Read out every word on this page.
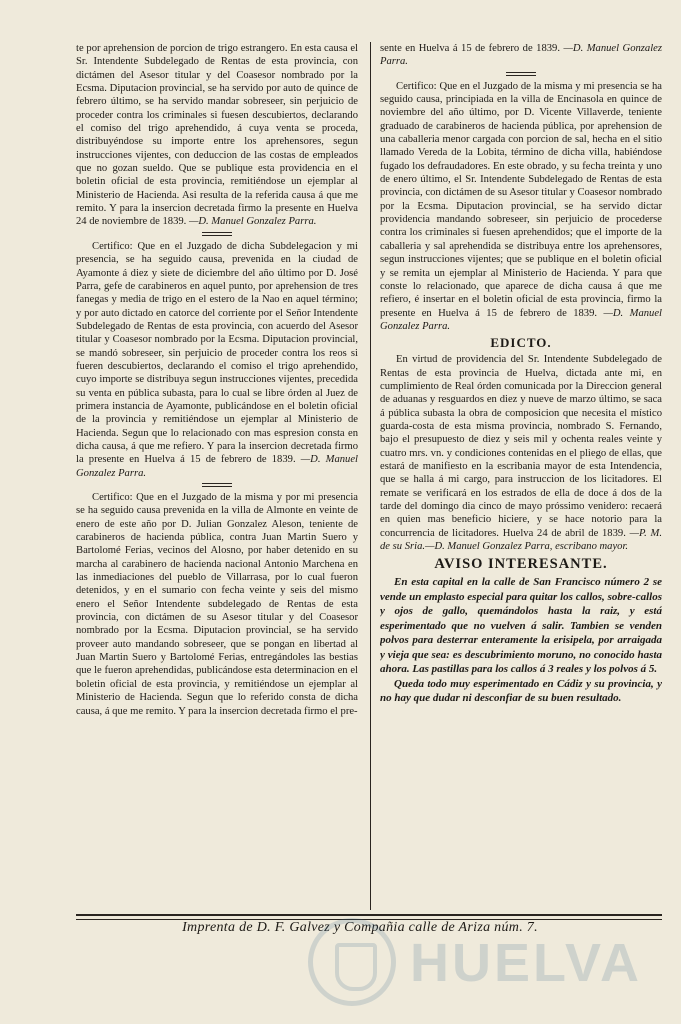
te por aprehension de porcion de trigo estrangero. En esta causa el Sr. Intendente Subdelegado de Rentas de esta provincia, con dictámen del Asesor titular y del Coasesor nombrado por la Ecsma. Diputacion provincial, se ha servido por auto de quince de febrero último, se ha servido mandar sobreseer, sin perjuicio de proceder contra los criminales si fuesen descubiertos, declarando el comiso del trigo aprehendido, á cuya venta se proceda, distribuyéndose su importe entre los aprehensores, segun instrucciones vijentes, con deduccion de las costas de empleados que no gozan sueldo. Que se publique esta providencia en el boletin oficial de esta provincia, remitiéndose un ejemplar al Ministerio de Hacienda. Asi resulta de la referida causa á que me remito. Y para la insercion decretada firmo la presente en Huelva 24 de noviembre de 1839. —D. Manuel Gonzalez Parra.

Certifico: Que en el Juzgado de dicha Subdelegacion y mi presencia, se ha seguido causa, prevenida en la ciudad de Ayamonte á diez y siete de diciembre del año último por D. José Parra, gefe de carabineros en aquel punto, por aprehension de tres fanegas y media de trigo en el estero de la Nao en aquel término; y por auto dictado en catorce del corriente por el Señor Intendente Subdelegado de Rentas de esta provincia, con acuerdo del Asesor titular y Coasesor nombrado por la Ecsma. Diputacion provincial, se mandó sobreseer, sin perjuicio de proceder contra los reos si fueren descubiertos, declarando el comiso el trigo aprehendido, cuyo importe se distribuya segun instrucciones vijentes, precedida su venta en pública subasta, para lo cual se libre órden al Juez de primera instancia de Ayamonte, publicándose en el boletin oficial de la provincia y remitiéndose un ejemplar al Ministerio de Hacienda. Segun que lo relacionado con mas espresion consta en dicha causa, á que me refiero. Y para la insercion decretada firmo la presente en Huelva á 15 de febrero de 1839. —D. Manuel Gonzalez Parra.

Certifico: Que en el Juzgado de la misma y por mi presencia se ha seguido causa prevenida en la villa de Almonte en veinte de enero de este año por D. Julian Gonzalez Aleson, teniente de carabineros de hacienda pública, contra Juan Martin Suero y Bartolomé Ferias, vecinos del Alosno, por haber detenido en su marcha al carabinero de hacienda nacional Antonio Marchena en las inmediaciones del pueblo de Villarrasa, por lo cual fueron detenidos, y en el sumario con fecha veinte y seis del mismo enero el Señor Intendente subdelegado de Rentas de esta provincia, con dictámen de su Asesor titular y del Coasesor nombrado por la Ecsma. Diputacion provincial, se ha servido proveer auto mandando sobreseer, que se pongan en libertad al Juan Martin Suero y Bartolomé Ferias, entregándoles las bestias que le fueron aprehendidas, publicándose esta determinacion en el boletin oficial de esta provincia, y remitiéndose un ejemplar al Ministerio de Hacienda. Segun que lo referido consta de dicha causa, á que me remito. Y para la insercion decretada firmo el pre-

sente en Huelva á 15 de febrero de 1839. —D. Manuel Gonzalez Parra.

Certifico: Que en el Juzgado de la misma y mi presencia se ha seguido causa, principiada en la villa de Encinasola en quince de noviembre del año último, por D. Vicente Villaverde, teniente graduado de carabineros de hacienda pública, por aprehension de una caballeria menor cargada con porcion de sal, hecha en el sitio llamado Vereda de la Lobita, término de dicha villa, habiéndose fugado los defraudadores. En este obrado, y su fecha treinta y uno de enero último, el Sr. Intendente Subdelegado de Rentas de esta provincia, con dictámen de su Asesor titular y Coasesor nombrado por la Ecsma. Diputacion provincial, se ha servido dictar providencia mandando sobreseer, sin perjuicio de procederse contra los criminales si fuesen aprehendidos; que el importe de la caballeria y sal aprehendida se distribuya entre los aprehensores, segun instrucciones vijentes; que se publique en el boletin oficial y se remita un ejemplar al Ministerio de Hacienda. Y para que conste lo relacionado, que aparece de dicha causa á que me refiero, é insertar en el boletin oficial de esta provincia, firmo la presente en Huelva á 15 de febrero de 1839. —D. Manuel Gonzalez Parra.

EDICTO.

En virtud de providencia del Sr. Intendente Subdelegado de Rentas de esta provincia de Huelva, dictada ante mi, en cumplimiento de Real órden comunicada por la Direccion general de aduanas y resguardos en diez y nueve de marzo último, se saca á pública subasta la obra de composicion que necesita el místico guarda-costa de esta misma provincia, nombrado S. Fernando, bajo el presupuesto de diez y seis mil y ochenta reales veinte y cuatro mrs. vn. y condiciones contenidas en el pliego de ellas, que estará de manifiesto en la escribania mayor de esta Intendencia, que se halla á mi cargo, para instruccion de los licitadores. El remate se verificará en los estrados de ella de doce á dos de la tarde del domingo dia cinco de mayo próssimo venidero: recaerá en quien mas beneficio hiciere, y se hace notorio para la concurrencia de licitadores. Huelva 24 de abril de 1839. —P. M. de su Sria.—D. Manuel Gonzalez Parra, escribano mayor.

AVISO INTERESANTE.

En esta capital en la calle de San Francisco número 2 se vende un emplasto especial para quitar los callos, sobre-callos y ojos de gallo, quemándolos hasta la raiz, y está esperimentado que no vuelven á salir. Tambien se venden polvos para desterrar enteramente la erisipela, por arraigada y vieja que sea: es descubrimiento moruno, no conocido hasta ahora. Las pastillas para los callos á 3 reales y los polvos á 5.

Queda todo muy esperimentado en Cádiz y su provincia, y no hay que dudar ni desconfiar de su buen resultado.

Imprenta de D. F. Galvez y Compañia calle de Ariza núm. 7.
HUELVA
